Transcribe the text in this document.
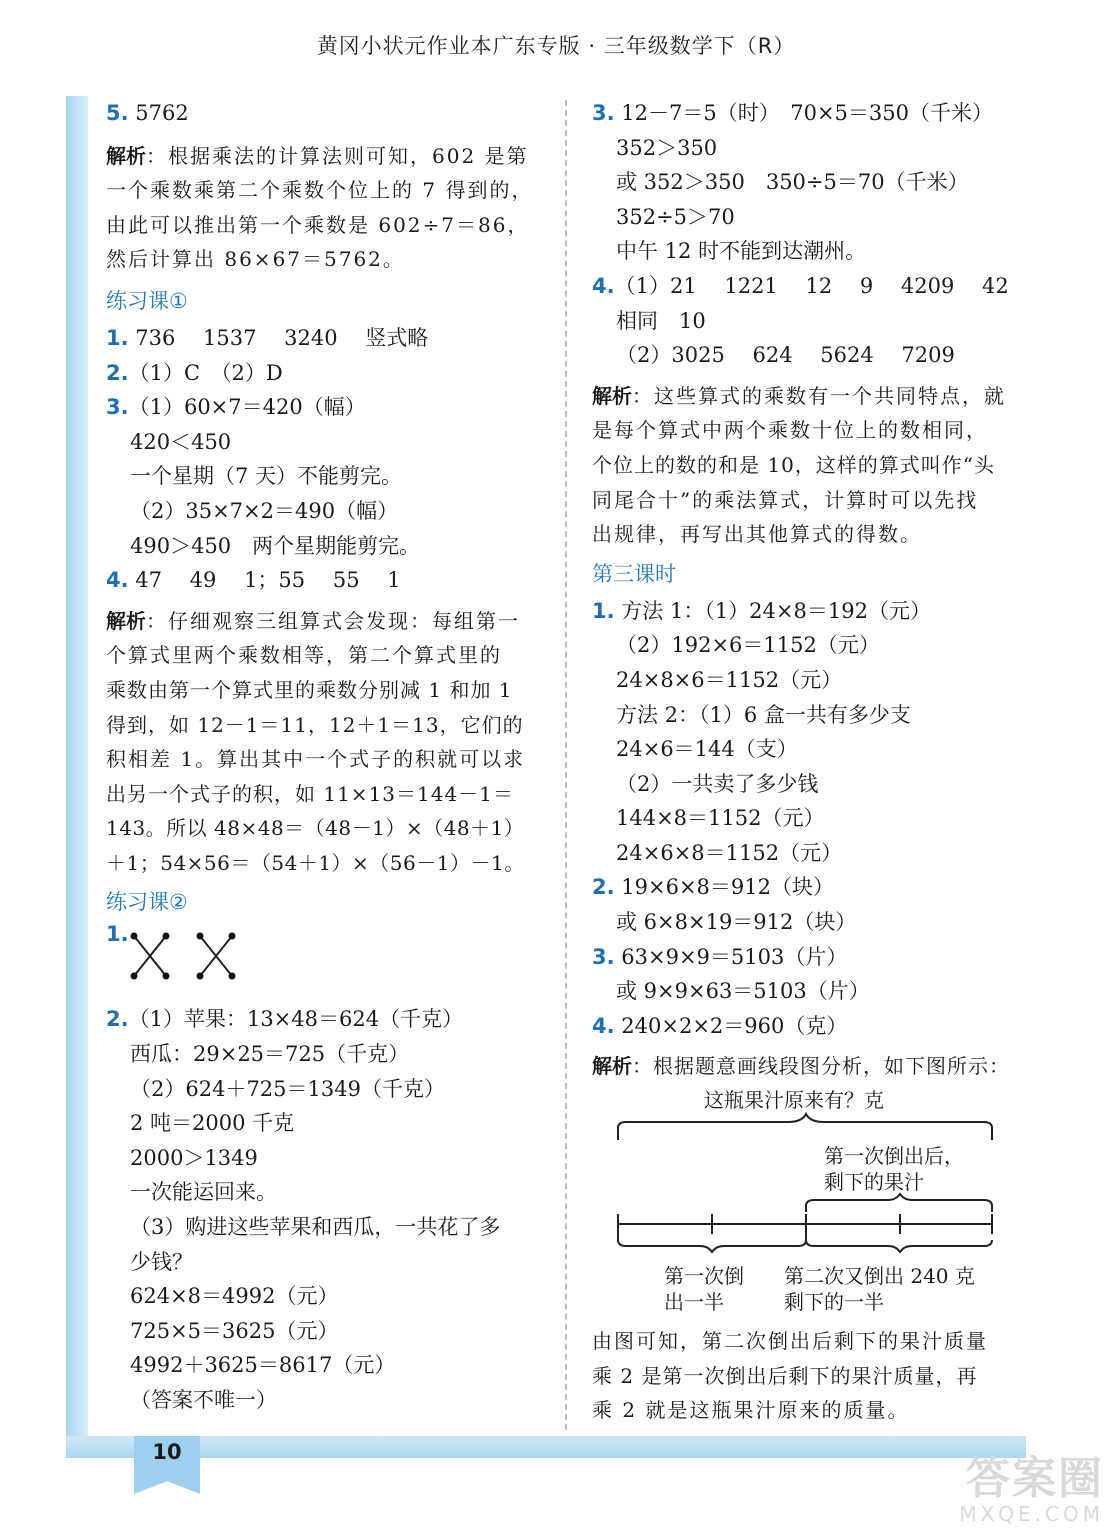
黄冈小状元作业本广东专版 · 三年级数学下（R）
10
5. 5762
解析：根据乘法的计算法则可知，602 是第
一个乘数乘第二个乘数个位上的 7 得到的，
由此可以推出第一个乘数是 602÷7＝86，
然后计算出 86×67＝5762。
练习课①
1. 736　 1537　 3240　 竖式略
2.（1）C　（2）D
3.（1）60×7＝420（幅）
420＜450
一个星期（7 天）不能剪完。
（2）35×7×2＝490（幅）
490＞450　两个星期能剪完。
4. 47　 49　 1；55　 55　 1
解析：仔细观察三组算式会发现：每组第一
个算式里两个乘数相等，第二个算式里的
乘数由第一个算式里的乘数分别减 1 和加 1
得到，如 12－1＝11，12＋1＝13，它们的
积相差 1。算出其中一个式子的积就可以求
出另一个式子的积，如 11×13＝144－1＝
143。所以 48×48＝（48－1）×（48＋1）
＋1；54×56＝（54＋1）×（56－1）－1。
练习课②
1.
2.（1）苹果：13×48＝624（千克）
西瓜：29×25＝725（千克）
（2）624＋725＝1349（千克）
2 吨＝2000 千克
2000＞1349
一次能运回来。
（3）购进这些苹果和西瓜，一共花了多
少钱？
624×8＝4992（元）
725×5＝3625（元）
4992＋3625＝8617（元）
（答案不唯一）
3. 12－7＝5（时）　70×5＝350（千米）
352＞350
或 352＞350　350÷5＝70（千米）
352÷5＞70
中午 12 时不能到达潮州。
4.（1）21　 1221　 12　 9　 4209　 42
相同　10
（2）3025　 624　 5624　 7209
解析：这些算式的乘数有一个共同特点，就
是每个算式中两个乘数十位上的数相同，
个位上的数的和是 10，这样的算式叫作“头
同尾合十”的乘法算式，计算时可以先找
出规律，再写出其他算式的得数。
第三课时
1. 方法 1：（1）24×8＝192（元）
（2）192×6＝1152（元）
24×8×6＝1152（元）
方法 2：（1）6 盒一共有多少支
24×6＝144（支）
（2）一共卖了多少钱
144×8＝1152（元）
24×6×8＝1152（元）
2. 19×6×8＝912（块）
或 6×8×19＝912（块）
3. 63×9×9＝5103（片）
或 9×9×63＝5103（片）
4. 240×2×2＝960（克）
解析：根据题意画线段图分析，如下图所示：
这瓶果汁原来有？克
第一次倒出后，
剩下的果汁
第一次倒
出一半
第二次又倒出 240 克
剩下的一半
由图可知，第二次倒出后剩下的果汁质量
乘 2 是第一次倒出后剩下的果汁质量，再
乘 2 就是这瓶果汁原来的质量。
答案圈
MXQE.COM
